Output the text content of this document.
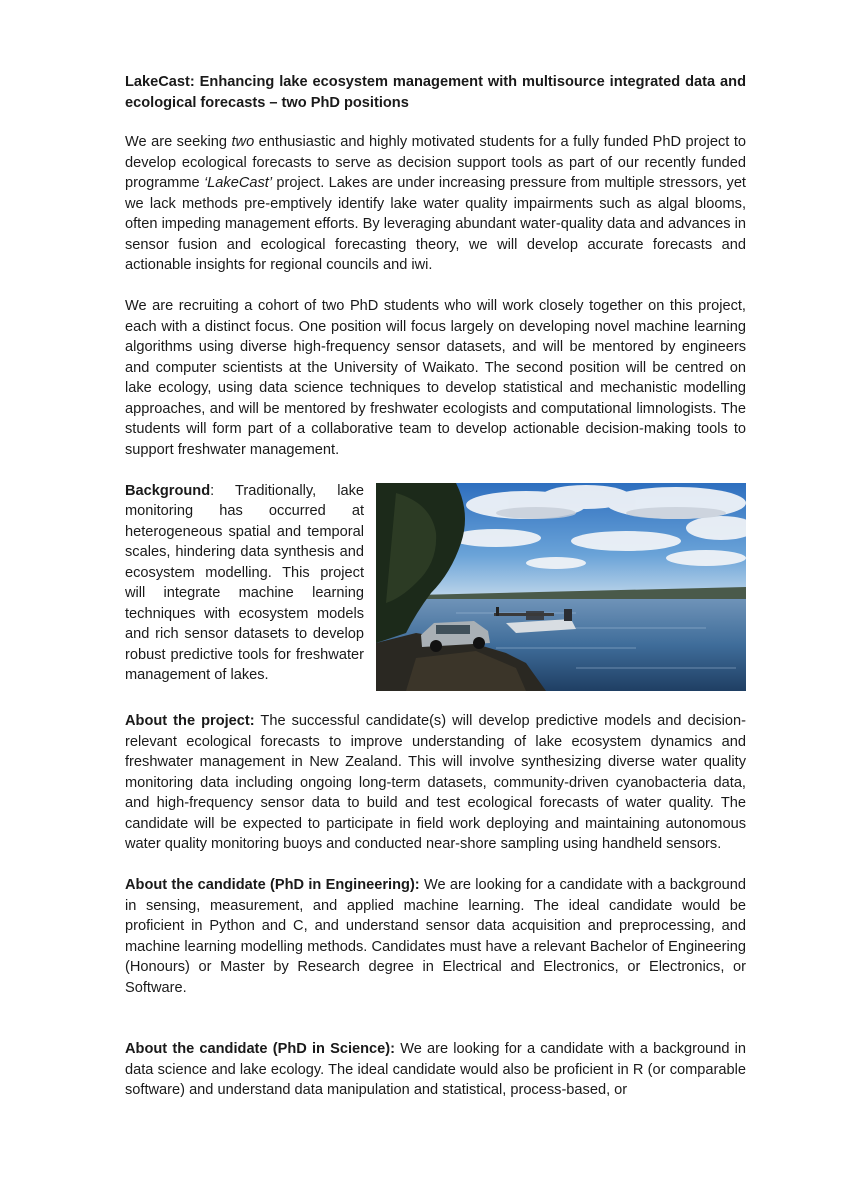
LakeCast: Enhancing lake ecosystem management with multisource integrated data and ecological forecasts – two PhD positions

We are seeking two enthusiastic and highly motivated students for a fully funded PhD project to develop ecological forecasts to serve as decision support tools as part of our recently funded programme ‘LakeCast’ project. Lakes are under increasing pressure from multiple stressors, yet we lack methods pre-emptively identify lake water quality impairments such as algal blooms, often impeding management efforts. By leveraging abundant water-quality data and advances in sensor fusion and ecological forecasting theory, we will develop accurate forecasts and actionable insights for regional councils and iwi.

We are recruiting a cohort of two PhD students who will work closely together on this project, each with a distinct focus. One position will focus largely on developing novel machine learning algorithms using diverse high-frequency sensor datasets, and will be mentored by engineers and computer scientists at the University of Waikato. The second position will be centred on lake ecology, using data science techniques to develop statistical and mechanistic modelling approaches, and will be mentored by freshwater ecologists and computational limnologists. The students will form part of a collaborative team to develop actionable decision-making tools to support freshwater management.

Background: Traditionally, lake monitoring has occurred at heterogeneous spatial and temporal scales, hindering data synthesis and ecosystem modelling. This project will integrate machine learning techniques with ecosystem models and rich sensor datasets to develop robust predictive tools for freshwater management of lakes.

About the project: The successful candidate(s) will develop predictive models and decision-relevant ecological forecasts to improve understanding of lake ecosystem dynamics and freshwater management in New Zealand. This will involve synthesizing diverse water quality monitoring data including ongoing long-term datasets, community-driven cyanobacteria data, and high-frequency sensor data to build and test ecological forecasts of water quality. The candidate will be expected to participate in field work deploying and maintaining autonomous water quality monitoring buoys and conducted near-shore sampling using handheld sensors.

About the candidate (PhD in Engineering): We are looking for a candidate with a background in sensing, measurement, and applied machine learning. The ideal candidate would be proficient in Python and C, and understand sensor data acquisition and preprocessing, and machine learning modelling methods. Candidates must have a relevant Bachelor of Engineering (Honours) or Master by Research degree in Electrical and Electronics, or Electronics, or Software.

About the candidate (PhD in Science): We are looking for a candidate with a background in data science and lake ecology. The ideal candidate would also be proficient in R (or comparable software) and understand data manipulation and statistical, process-based, or
